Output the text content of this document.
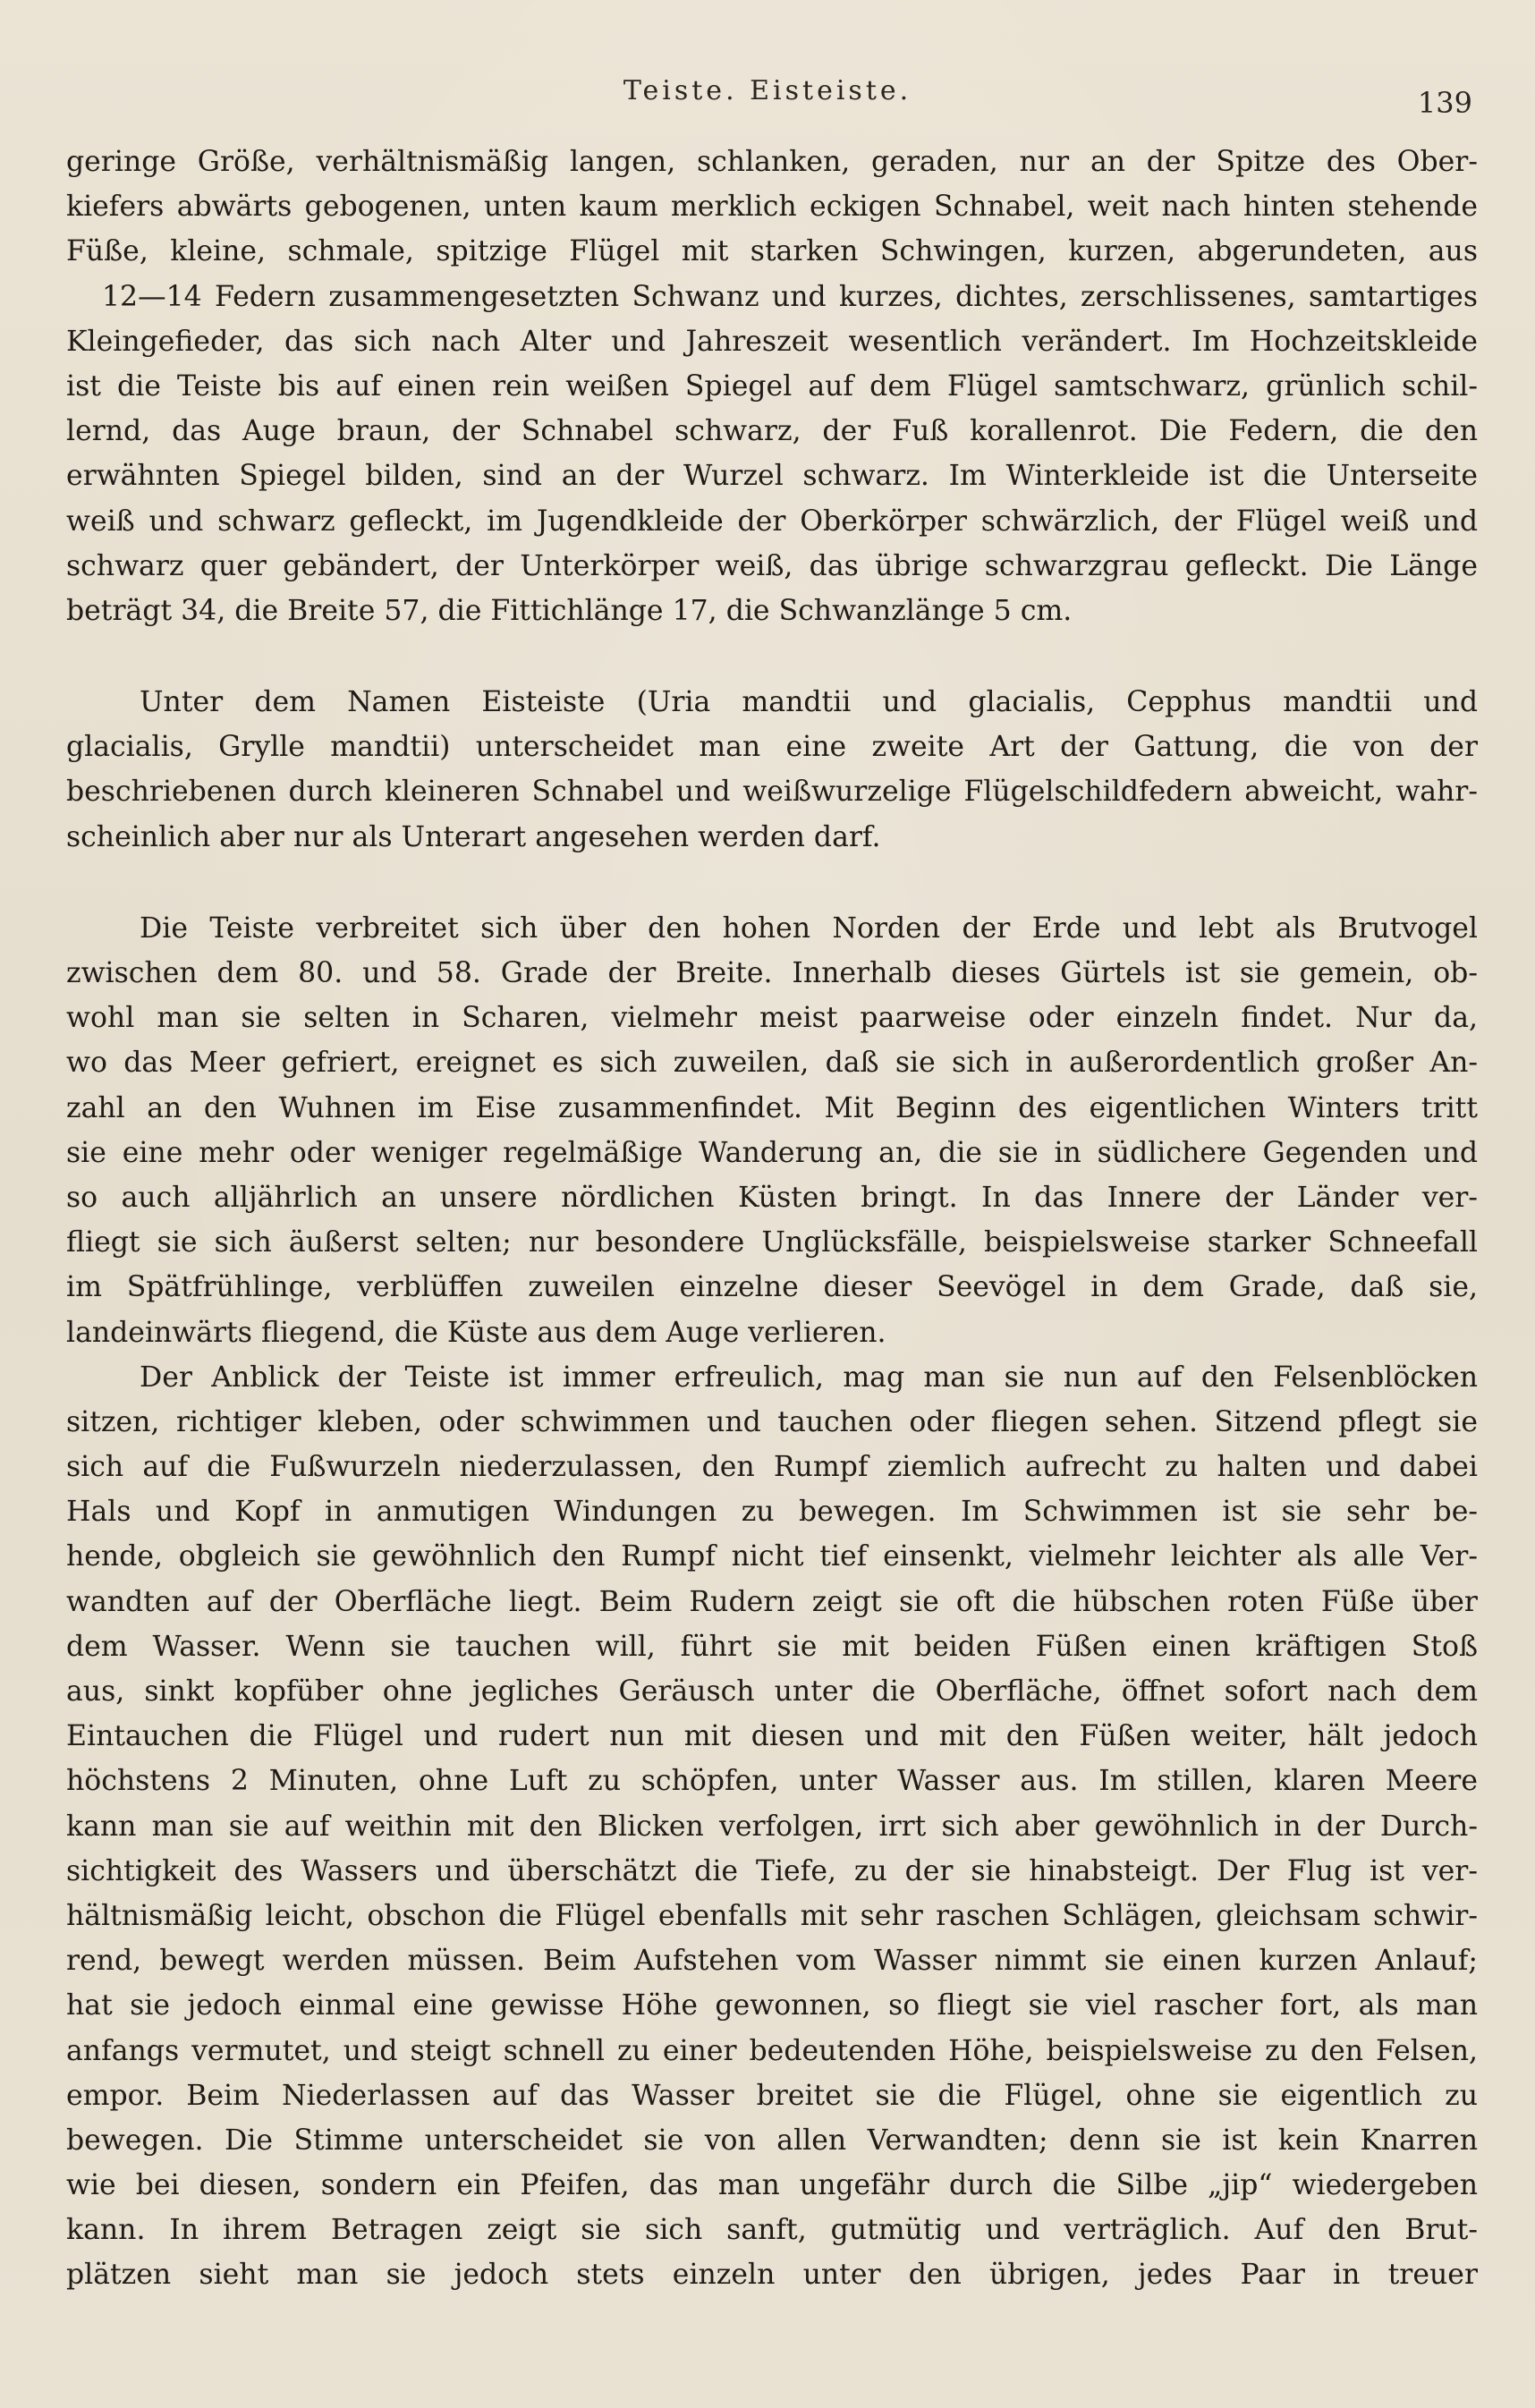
Teiste. Eisteiste.	139
geringe Größe, verhältnismäßig langen, schlanken, geraden, nur an der Spitze des Ober-
kiefers abwärts gebogenen, unten kaum merklich eckigen Schnabel, weit nach hinten stehende
Füße, kleine, schmale, spitzige Flügel mit starken Schwingen, kurzen, abgerundeten, aus
12—14 Federn zusammengesetzten Schwanz und kurzes, dichtes, zerschlissenes, samtartiges
Kleingefieder, das sich nach Alter und Jahreszeit wesentlich verändert. Im Hochzeitskleide
ist die Teiste bis auf einen rein weißen Spiegel auf dem Flügel samtschwarz, grünlich schil-
lernd, das Auge braun, der Schnabel schwarz, der Fuß korallenrot. Die Federn, die den
erwähnten Spiegel bilden, sind an der Wurzel schwarz. Im Winterkleide ist die Unterseite
weiß und schwarz gefleckt, im Jugendkleide der Oberkörper schwärzlich, der Flügel weiß und
schwarz quer gebändert, der Unterkörper weiß, das übrige schwarzgrau gefleckt. Die Länge
beträgt 34, die Breite 57, die Fittichlänge 17, die Schwanzlänge 5 cm.
Unter dem Namen Eisteiste (Uria mandtii und glacialis, Cepphus mandtii und
glacialis, Grylle mandtii) unterscheidet man eine zweite Art der Gattung, die von der
beschriebenen durch kleineren Schnabel und weißwurzelige Flügelschildfedern abweicht, wahr-
scheinlich aber nur als Unterart angesehen werden darf.
Die Teiste verbreitet sich über den hohen Norden der Erde und lebt als Brutvogel
zwischen dem 80. und 58. Grade der Breite. Innerhalb dieses Gürtels ist sie gemein, ob-
wohl man sie selten in Scharen, vielmehr meist paarweise oder einzeln findet. Nur da,
wo das Meer gefriert, ereignet es sich zuweilen, daß sie sich in außerordentlich großer An-
zahl an den Wuhnen im Eise zusammenfindet. Mit Beginn des eigentlichen Winters tritt
sie eine mehr oder weniger regelmäßige Wanderung an, die sie in südlichere Gegenden und
so auch alljährlich an unsere nördlichen Küsten bringt. In das Innere der Länder ver-
fliegt sie sich äußerst selten; nur besondere Unglücksfälle, beispielsweise starker Schneefall
im Spätfrühlinge, verblüffen zuweilen einzelne dieser Seevögel in dem Grade, daß sie,
landeinwärts fliegend, die Küste aus dem Auge verlieren.
Der Anblick der Teiste ist immer erfreulich, mag man sie nun auf den Felsenblöcken
sitzen, richtiger kleben, oder schwimmen und tauchen oder fliegen sehen. Sitzend pflegt sie
sich auf die Fußwurzeln niederzulassen, den Rumpf ziemlich aufrecht zu halten und dabei
Hals und Kopf in anmutigen Windungen zu bewegen. Im Schwimmen ist sie sehr be-
hende, obgleich sie gewöhnlich den Rumpf nicht tief einsenkt, vielmehr leichter als alle Ver-
wandten auf der Oberfläche liegt. Beim Rudern zeigt sie oft die hübschen roten Füße über
dem Wasser. Wenn sie tauchen will, führt sie mit beiden Füßen einen kräftigen Stoß
aus, sinkt kopfüber ohne jegliches Geräusch unter die Oberfläche, öffnet sofort nach dem
Eintauchen die Flügel und rudert nun mit diesen und mit den Füßen weiter, hält jedoch
höchstens 2 Minuten, ohne Luft zu schöpfen, unter Wasser aus. Im stillen, klaren Meere
kann man sie auf weithin mit den Blicken verfolgen, irrt sich aber gewöhnlich in der Durch-
sichtigkeit des Wassers und überschätzt die Tiefe, zu der sie hinabsteigt. Der Flug ist ver-
hältnismäßig leicht, obschon die Flügel ebenfalls mit sehr raschen Schlägen, gleichsam schwir-
rend, bewegt werden müssen. Beim Aufstehen vom Wasser nimmt sie einen kurzen Anlauf;
hat sie jedoch einmal eine gewisse Höhe gewonnen, so fliegt sie viel rascher fort, als man
anfangs vermutet, und steigt schnell zu einer bedeutenden Höhe, beispielsweise zu den Felsen,
empor. Beim Niederlassen auf das Wasser breitet sie die Flügel, ohne sie eigentlich zu
bewegen. Die Stimme unterscheidet sie von allen Verwandten; denn sie ist kein Knarren
wie bei diesen, sondern ein Pfeifen, das man ungefähr durch die Silbe „jip“ wiedergeben
kann. In ihrem Betragen zeigt sie sich sanft, gutmütig und verträglich. Auf den Brut-
plätzen sieht man sie jedoch stets einzeln unter den übrigen, jedes Paar in treuer
